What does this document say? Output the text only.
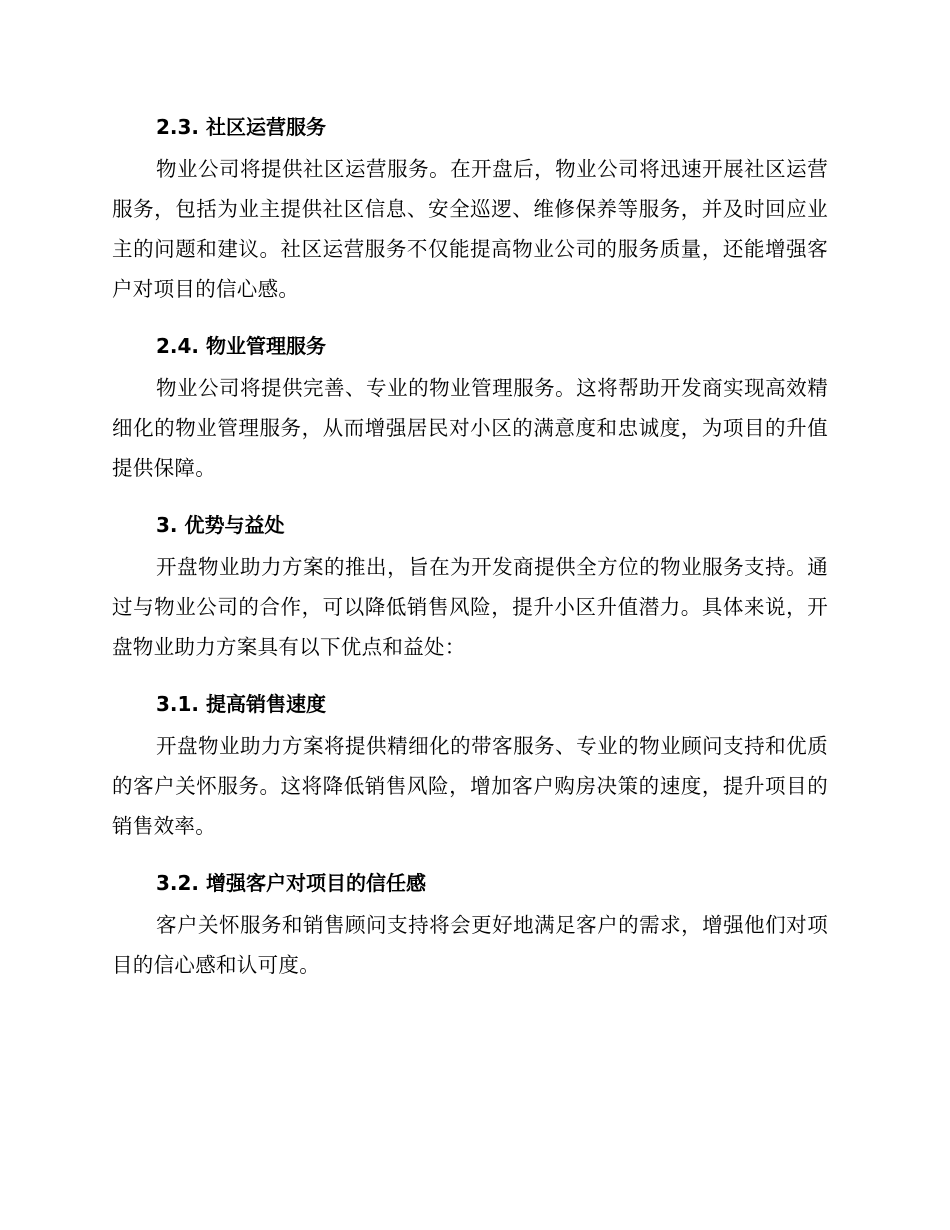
2.3. 社区运营服务

物业公司将提供社区运营服务。在开盘后，物业公司将迅速开展社区运营服务，包括为业主提供社区信息、安全巡逻、维修保养等服务，并及时回应业主的问题和建议。社区运营服务不仅能提高物业公司的服务质量，还能增强客户对项目的信心感。

2.4. 物业管理服务

物业公司将提供完善、专业的物业管理服务。这将帮助开发商实现高效精细化的物业管理服务，从而增强居民对小区的满意度和忠诚度，为项目的升值提供保障。

3. 优势与益处

开盘物业助力方案的推出，旨在为开发商提供全方位的物业服务支持。通过与物业公司的合作，可以降低销售风险，提升小区升值潜力。具体来说，开盘物业助力方案具有以下优点和益处：

3.1. 提高销售速度

开盘物业助力方案将提供精细化的带客服务、专业的物业顾问支持和优质的客户关怀服务。这将降低销售风险，增加客户购房决策的速度，提升项目的销售效率。

3.2. 增强客户对项目的信任感

客户关怀服务和销售顾问支持将会更好地满足客户的需求，增强他们对项目的信心感和认可度。
